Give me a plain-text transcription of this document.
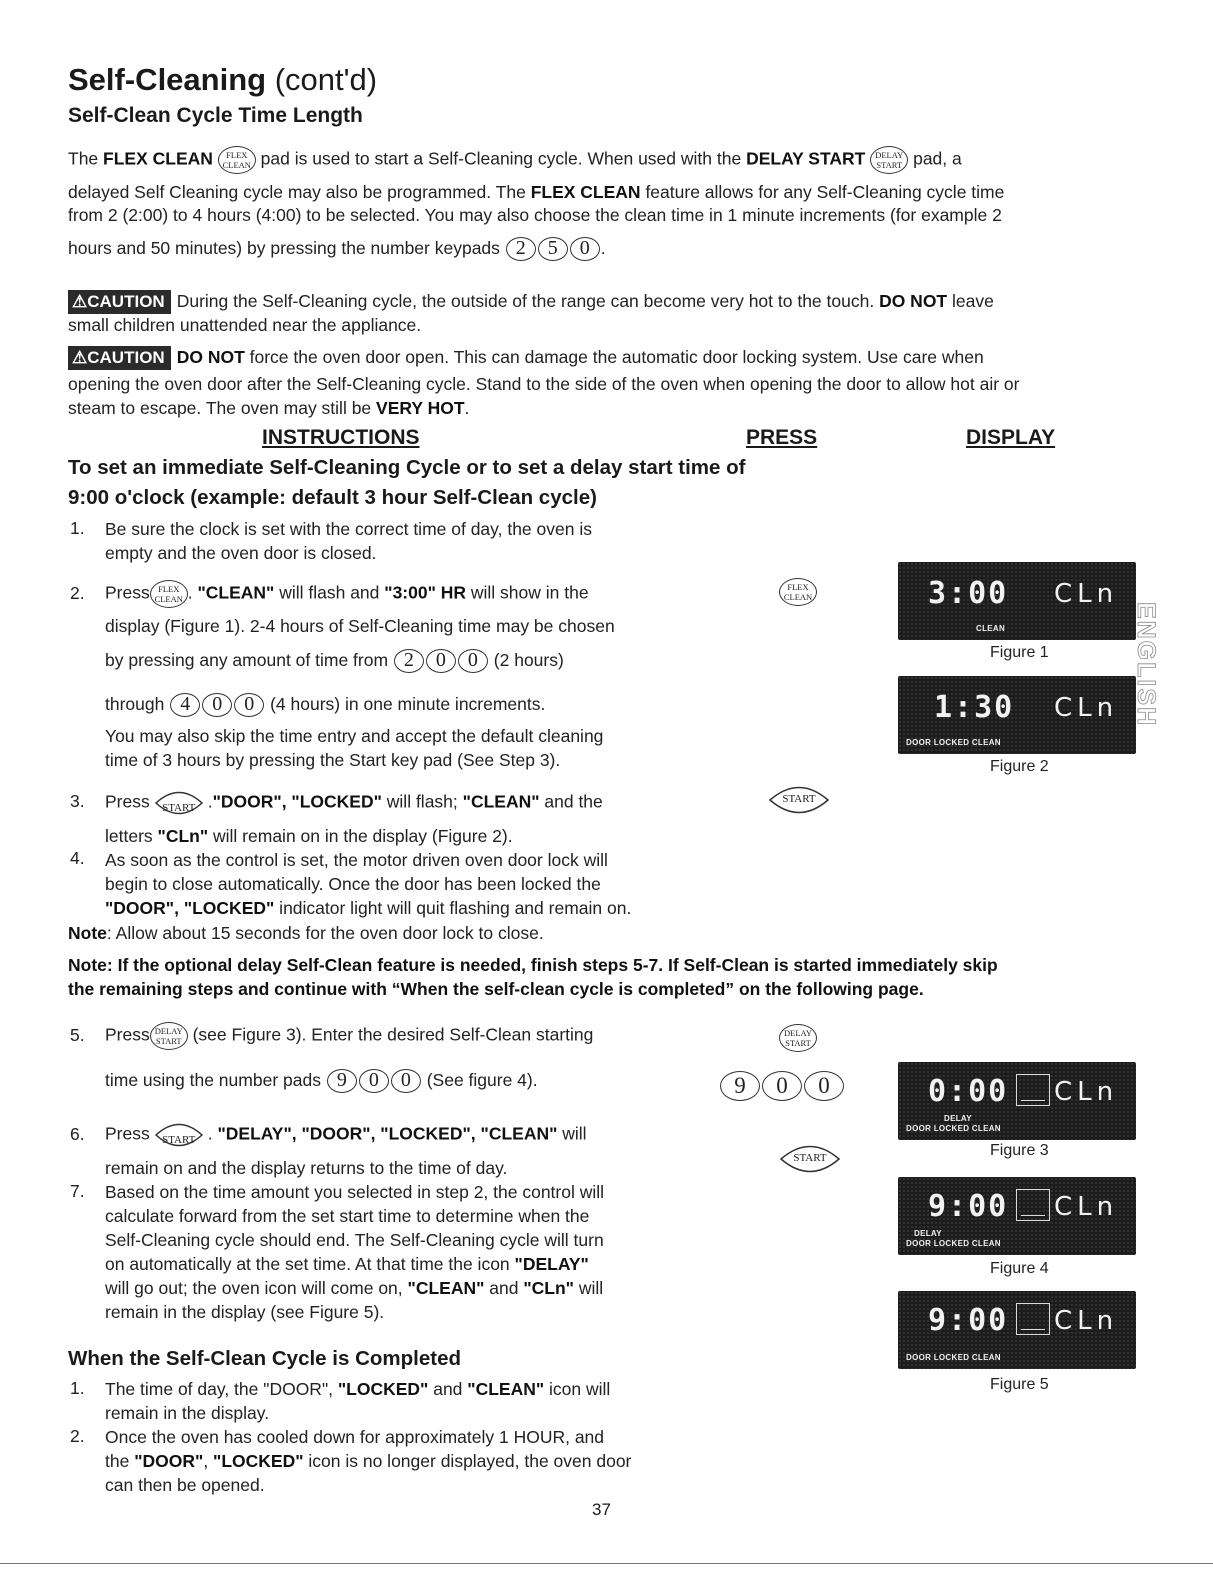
Self-Cleaning (cont'd)
Self-Clean Cycle Time Length
The FLEX CLEAN	FLEX
CLEAN pad is used to start a Self-Cleaning cycle. When used with the DELAY START	DELAY
START pad, a
delayed Self Cleaning cycle may also be programmed. The FLEX CLEAN feature allows for any Self-Cleaning cycle time
from 2 (2:00) to 4 hours (4:00) to be selected. You may also choose the clean time in 1 minute increments (for example 2
hours and 50 minutes) by pressing the number keypads 2 5 0 .
⚠CAUTION During the Self-Cleaning cycle, the outside of the range can become very hot to the touch. DO NOT leave
small children unattended near the appliance.
⚠CAUTION DO NOT force the oven door open. This can damage the automatic door locking system. Use care when
opening the oven door after the Self-Cleaning cycle. Stand to the side of the oven when opening the door to allow hot air or
steam to escape. The oven may still be VERY HOT.
INSTRUCTIONS	PRESS	DISPLAY
To set an immediate Self-Cleaning Cycle or to set a delay start time of
9:00 o'clock (example: default 3 hour Self-Clean cycle)
1. Be sure the clock is set with the correct time of day, the oven is
empty and the oven door is closed.
2. Press FLEX
CLEAN . "CLEAN" will flash and "3:00" HR will show in the
display (Figure 1). 2-4 hours of Self-Cleaning time may be chosen
by pressing any amount of time from 2 0 0 (2 hours)
through 4 0 0 (4 hours) in one minute increments.
You may also skip the time entry and accept the default cleaning
time of 3 hours by pressing the Start key pad (See Step 3).
3. Press	START ."DOOR", "LOCKED" will flash; "CLEAN" and the
letters "CLn" will remain on in the display (Figure 2).
4. As soon as the control is set, the motor driven oven door lock will
begin to close automatically. Once the door has been locked the
"DOOR", "LOCKED" indicator light will quit flashing and remain on.
Note: Allow about 15 seconds for the oven door lock to close.
Note: If the optional delay Self-Clean feature is needed, finish steps 5-7. If Self-Clean is started immediately skip
the remaining steps and continue with “When the self-clean cycle is completed” on the following page.
5. Press DELAY
START (see Figure 3). Enter the desired Self-Clean starting
time using the number pads 9 0 0 (See figure 4).
6. Press	START . "DELAY", "DOOR", "LOCKED", "CLEAN" will
remain on and the display returns to the time of day.
7. Based on the time amount you selected in step 2, the control will
calculate forward from the set start time to determine when the
Self-Cleaning cycle should end. The Self-Cleaning cycle will turn
on automatically at the set time. At that time the icon "DELAY"
will go out; the oven icon will come on, "CLEAN" and "CLn" will
remain in the display (see Figure 5).
When the Self-Clean Cycle is Completed
1. The time of day, the "DOOR", "LOCKED" and "CLEAN" icon will
remain in the display.
2. Once the oven has cooled down for approximately 1 HOUR, and
the "DOOR", "LOCKED" icon is no longer displayed, the oven door
can then be opened.
FLEX
CLEAN
START
DELAY
START
9 0 0
START
3:00 CLn
CLEAN
Figure 1
1:30 CLn
DOOR LOCKED CLEAN
Figure 2
0:00 CLn
DELAY
DOOR LOCKED CLEAN
Figure 3
9:00 CLn
DELAY
DOOR LOCKED CLEAN
Figure 4
9:00 CLn
DOOR LOCKED CLEAN
Figure 5
ENGLISH
37
